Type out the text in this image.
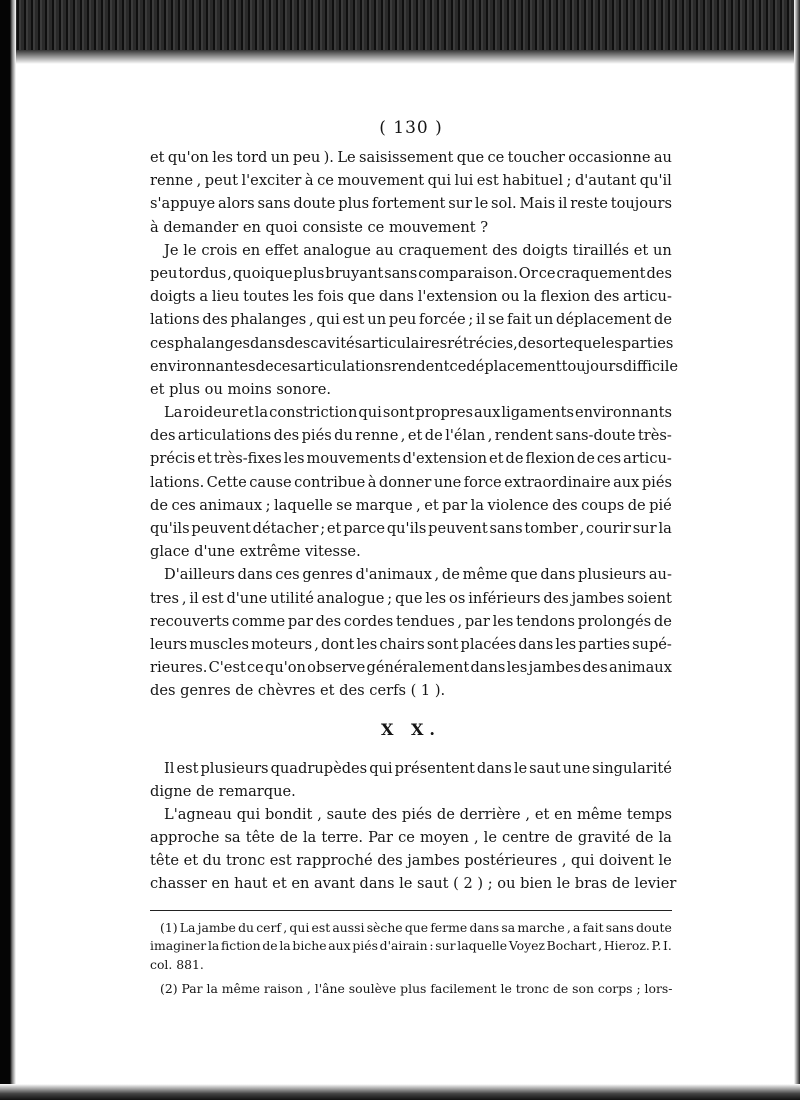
( 130 )
et qu'on les tord un peu ). Le saisissement que ce toucher occasionne au
renne , peut l'exciter à ce mouvement qui lui est habituel ; d'autant qu'il
s'appuye alors sans doute plus fortement sur le sol. Mais il reste toujours
à demander en quoi consiste ce mouvement ?
Je le crois en effet analogue au craquement des doigts tiraillés et un
peu tordus , quoique plus bruyant sans comparaison. Or ce craquement des
doigts a lieu toutes les fois que dans l'extension ou la flexion des articu-
lations des phalanges , qui est un peu forcée ; il se fait un déplacement de
ces phalanges dans des cavités articulaires rétrécies , desorte que les parties
environnantes de ces articulations rendent ce déplacement toujours difficile
et plus ou moins sonore.
La roideur et la constriction qui sont propres aux ligaments environnants
des articulations des piés du renne , et de l'élan , rendent sans-doute très-
précis et très-fixes les mouvements d'extension et de flexion de ces articu-
lations. Cette cause contribue à donner une force extraordinaire aux piés
de ces animaux ; laquelle se marque , et par la violence des coups de pié
qu'ils peuvent détacher ; et parce qu'ils peuvent sans tomber , courir sur la
glace d'une extrême vitesse.
D'ailleurs dans ces genres d'animaux , de même que dans plusieurs au-
tres , il est d'une utilité analogue ; que les os inférieurs des jambes soient
recouverts comme par des cordes tendues , par les tendons prolongés de
leurs muscles moteurs , dont les chairs sont placées dans les parties supé-
rieures. C'est ce qu'on observe généralement dans les jambes des animaux
des genres de chèvres et des cerfs ( 1 ).
X X.
Il est plusieurs quadrupèdes qui présentent dans le saut une singularité
digne de remarque.
L'agneau qui bondit , saute des piés de derrière , et en même temps
approche sa tête de la terre. Par ce moyen , le centre de gravité de la
tête et du tronc est rapproché des jambes postérieures , qui doivent le
chasser en haut et en avant dans le saut ( 2 ) ; ou bien le bras de levier
(1) La jambe du cerf , qui est aussi sèche que ferme dans sa marche , a fait sans doute
imaginer la fiction de la biche aux piés d'airain : sur laquelle Voyez Bochart , Hieroz. P. I.
col. 881.
(2) Par la même raison , l'âne soulève plus facilement le tronc de son corps ; lors-
